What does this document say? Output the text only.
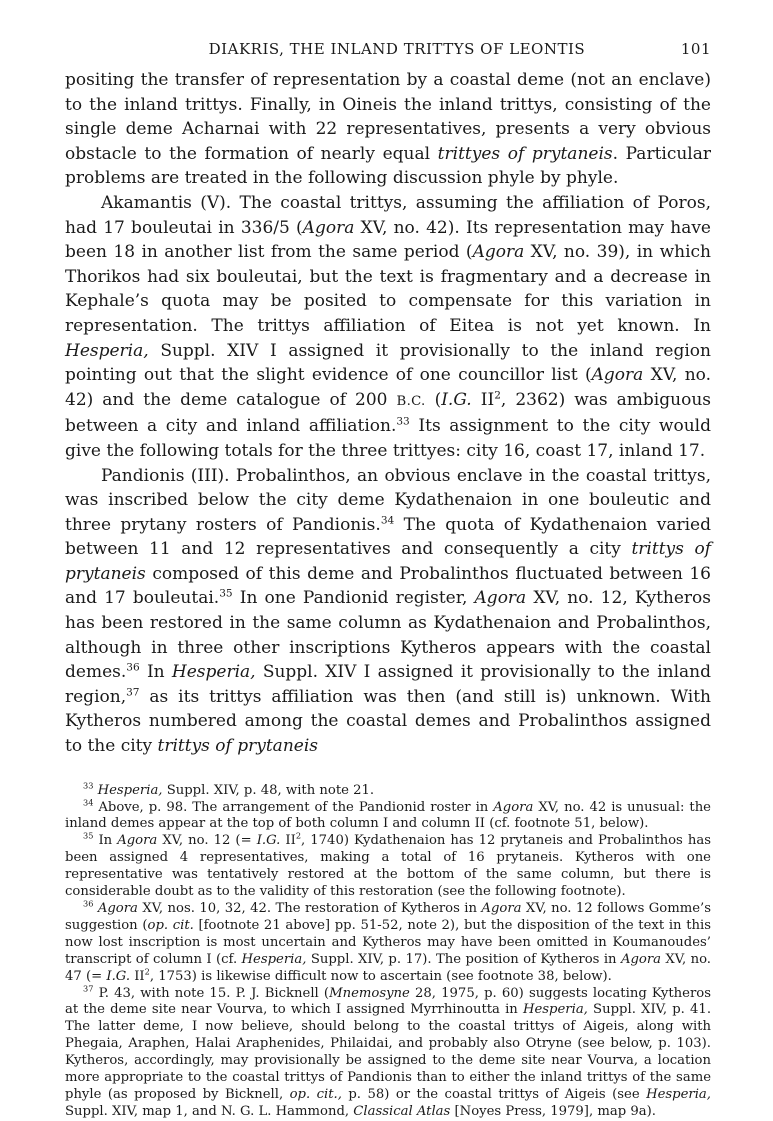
DIAKRIS, THE INLAND TRITTYS OF LEONTIS	101

positing the transfer of representation by a coastal deme (not an enclave) to the inland trittys. Finally, in Oineis the inland trittys, consisting of the single deme Acharnai with 22 representatives, presents a very obvious obstacle to the formation of nearly equal trittyes of prytaneis. Particular problems are treated in the following discussion phyle by phyle.

Akamantis (V). The coastal trittys, assuming the affiliation of Poros, had 17 bouleutai in 336/5 (Agora XV, no. 42). Its representation may have been 18 in another list from the same period (Agora XV, no. 39), in which Thorikos had six bouleutai, but the text is fragmentary and a decrease in Kephale’s quota may be posited to compensate for this variation in representation. The trittys affiliation of Eitea is not yet known. In Hesperia, Suppl. XIV I assigned it provisionally to the inland region pointing out that the slight evidence of one councillor list (Agora XV, no. 42) and the deme catalogue of 200 B.C. (I.G. $II^2$, 2362) was ambiguous between a city and inland affiliation.$^{33}$ Its assignment to the city would give the following totals for the three trittyes: city 16, coast 17, inland 17.

Pandionis (III). Probalinthos, an obvious enclave in the coastal trittys, was inscribed below the city deme Kydathenaion in one bouleutic and three prytany rosters of Pandionis.$^{34}$ The quota of Kydathenaion varied between 11 and 12 representatives and consequently a city trittys of prytaneis composed of this deme and Probalinthos fluctuated between 16 and 17 bouleutai.$^{35}$ In one Pandionid register, Agora XV, no. 12, Kytheros has been restored in the same column as Kydathenaion and Probalinthos, although in three other inscriptions Kytheros appears with the coastal demes.$^{36}$ In Hesperia, Suppl. XIV I assigned it provisionally to the inland region,$^{37}$ as its trittys affiliation was then (and still is) unknown. With Kytheros numbered among the coastal demes and Probalinthos assigned to the city trittys of prytaneis

$^{33}$ Hesperia, Suppl. XIV, p. 48, with note 21.

$^{34}$ Above, p. 98. The arrangement of the Pandionid roster in Agora XV, no. 42 is unusual: the inland demes appear at the top of both column I and column II (cf. footnote 51, below).

$^{35}$ In Agora XV, no. 12 (= I.G. $II^2$, 1740) Kydathenaion has 12 prytaneis and Probalinthos has been assigned 4 representatives, making a total of 16 prytaneis. Kytheros with one representative was tentatively restored at the bottom of the same column, but there is considerable doubt as to the validity of this restoration (see the following footnote).

$^{36}$ Agora XV, nos. 10, 32, 42. The restoration of Kytheros in Agora XV, no. 12 follows Gomme’s suggestion (op. cit. [footnote 21 above] pp. 51-52, note 2), but the disposition of the text in this now lost inscription is most uncertain and Kytheros may have been omitted in Koumanoudes’ transcript of column I (cf. Hesperia, Suppl. XIV, p. 17). The position of Kytheros in Agora XV, no. 47 (= I.G. $II^2$, 1753) is likewise difficult now to ascertain (see footnote 38, below).

$^{37}$ P. 43, with note 15. P. J. Bicknell (Mnemosyne 28, 1975, p. 60) suggests locating Kytheros at the deme site near Vourva, to which I assigned Myrrhinoutta in Hesperia, Suppl. XIV, p. 41. The latter deme, I now believe, should belong to the coastal trittys of Aigeis, along with Phegaia, Araphen, Halai Araphenides, Philaidai, and probably also Otryne (see below, p. 103). Kytheros, accordingly, may provisionally be assigned to the deme site near Vourva, a location more appropriate to the coastal trittys of Pandionis than to either the inland trittys of the same phyle (as proposed by Bicknell, op. cit., p. 58) or the coastal trittys of Aigeis (see Hesperia, Suppl. XIV, map 1, and N. G. L. Hammond, Classical Atlas [Noyes Press, 1979], map 9a).
